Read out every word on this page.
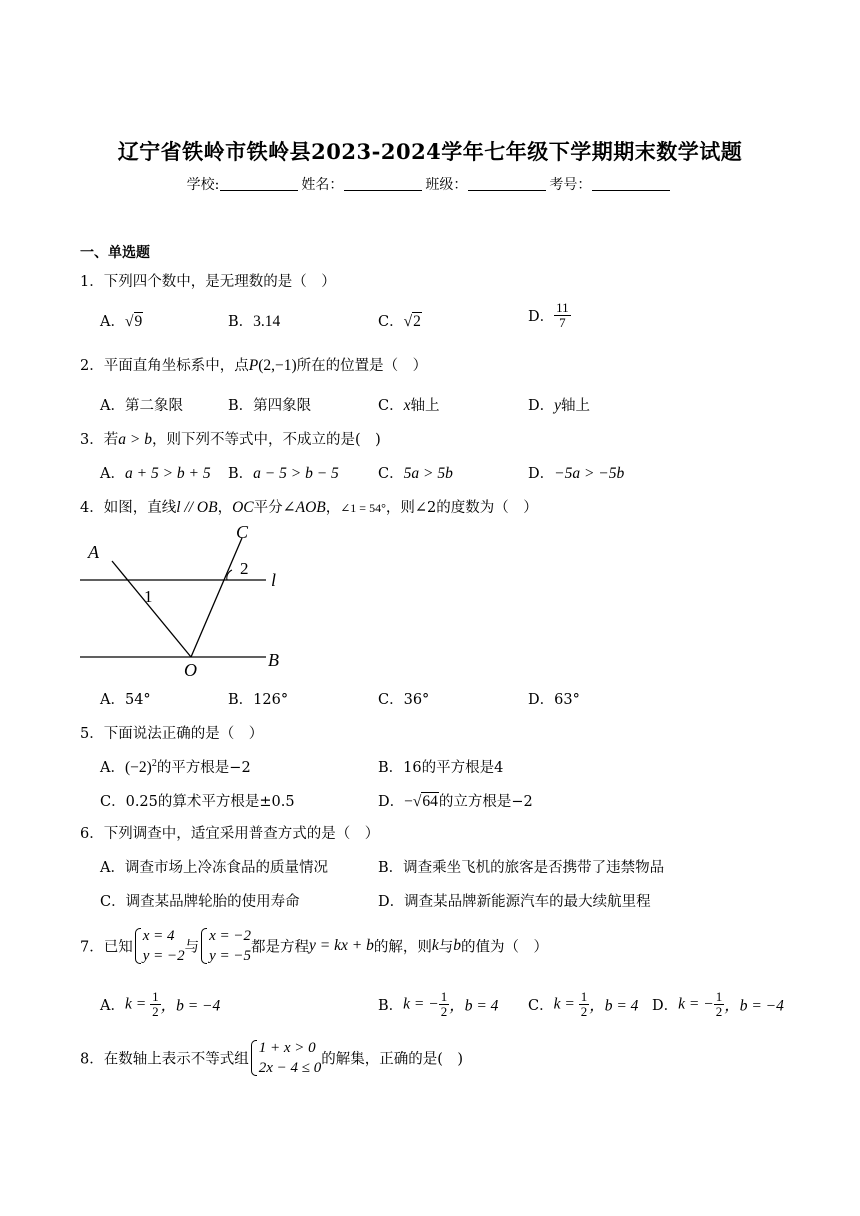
辽宁省铁岭市铁岭县2023-2024学年七年级下学期期末数学试题
学校:	姓名：	班级：	考号：
一、单选题
1．下列四个数中，是无理数的是（　）
A．√9	B．3.14	C．√2	D． $\frac{11}{7}$
2．平面直角坐标系中，点P(2,−1)所在的位置是（　）
A．第二象限	B．第四象限	C．x轴上	D．y轴上
3．若a > b，则下列不等式中，不成立的是(　)
A．a + 5 > b + 5 B．a − 5 > b − 5	C．5a > 5b	D．−5a > −5b
4．如图，直线l // OB，OC平分∠AOB，∠1 = 54°，则∠2的度数为（　）
A
C
l
O	B
1
2
A．54°	B．126°	C．36°	D．63°
5．下面说法正确的是（　）
A．$(-2)^2$的平方根是−2	B．16的平方根是4
C．0.25的算术平方根是±0.5	D．−√64的立方根是−2
6．下列调查中，适宜采用普查方式的是（　）
A．调查市场上冷冻食品的质量情况	B．调查乘坐飞机的旅客是否携带了违禁物品
C．调查某品牌轮胎的使用寿命	D．调查某品牌新能源汽车的最大续航里程
7．已知
x = 4
y = −2
与
x = −2
y = −5
都是方程y = kx + b的解，则k与b的值为（　）
A．$k = \frac{1}{2}$ ，b = −4	B．k = − $\frac{1}{2}$ ，b = 4 C．$k = \frac{1}{2}$ ，b = 4 D．k = − $\frac{1}{2}$ ，b = −4
8．在数轴上表示不等式组
1 + x > 0
2x − 4 ≤ 0
的解集，正确的是(　)
